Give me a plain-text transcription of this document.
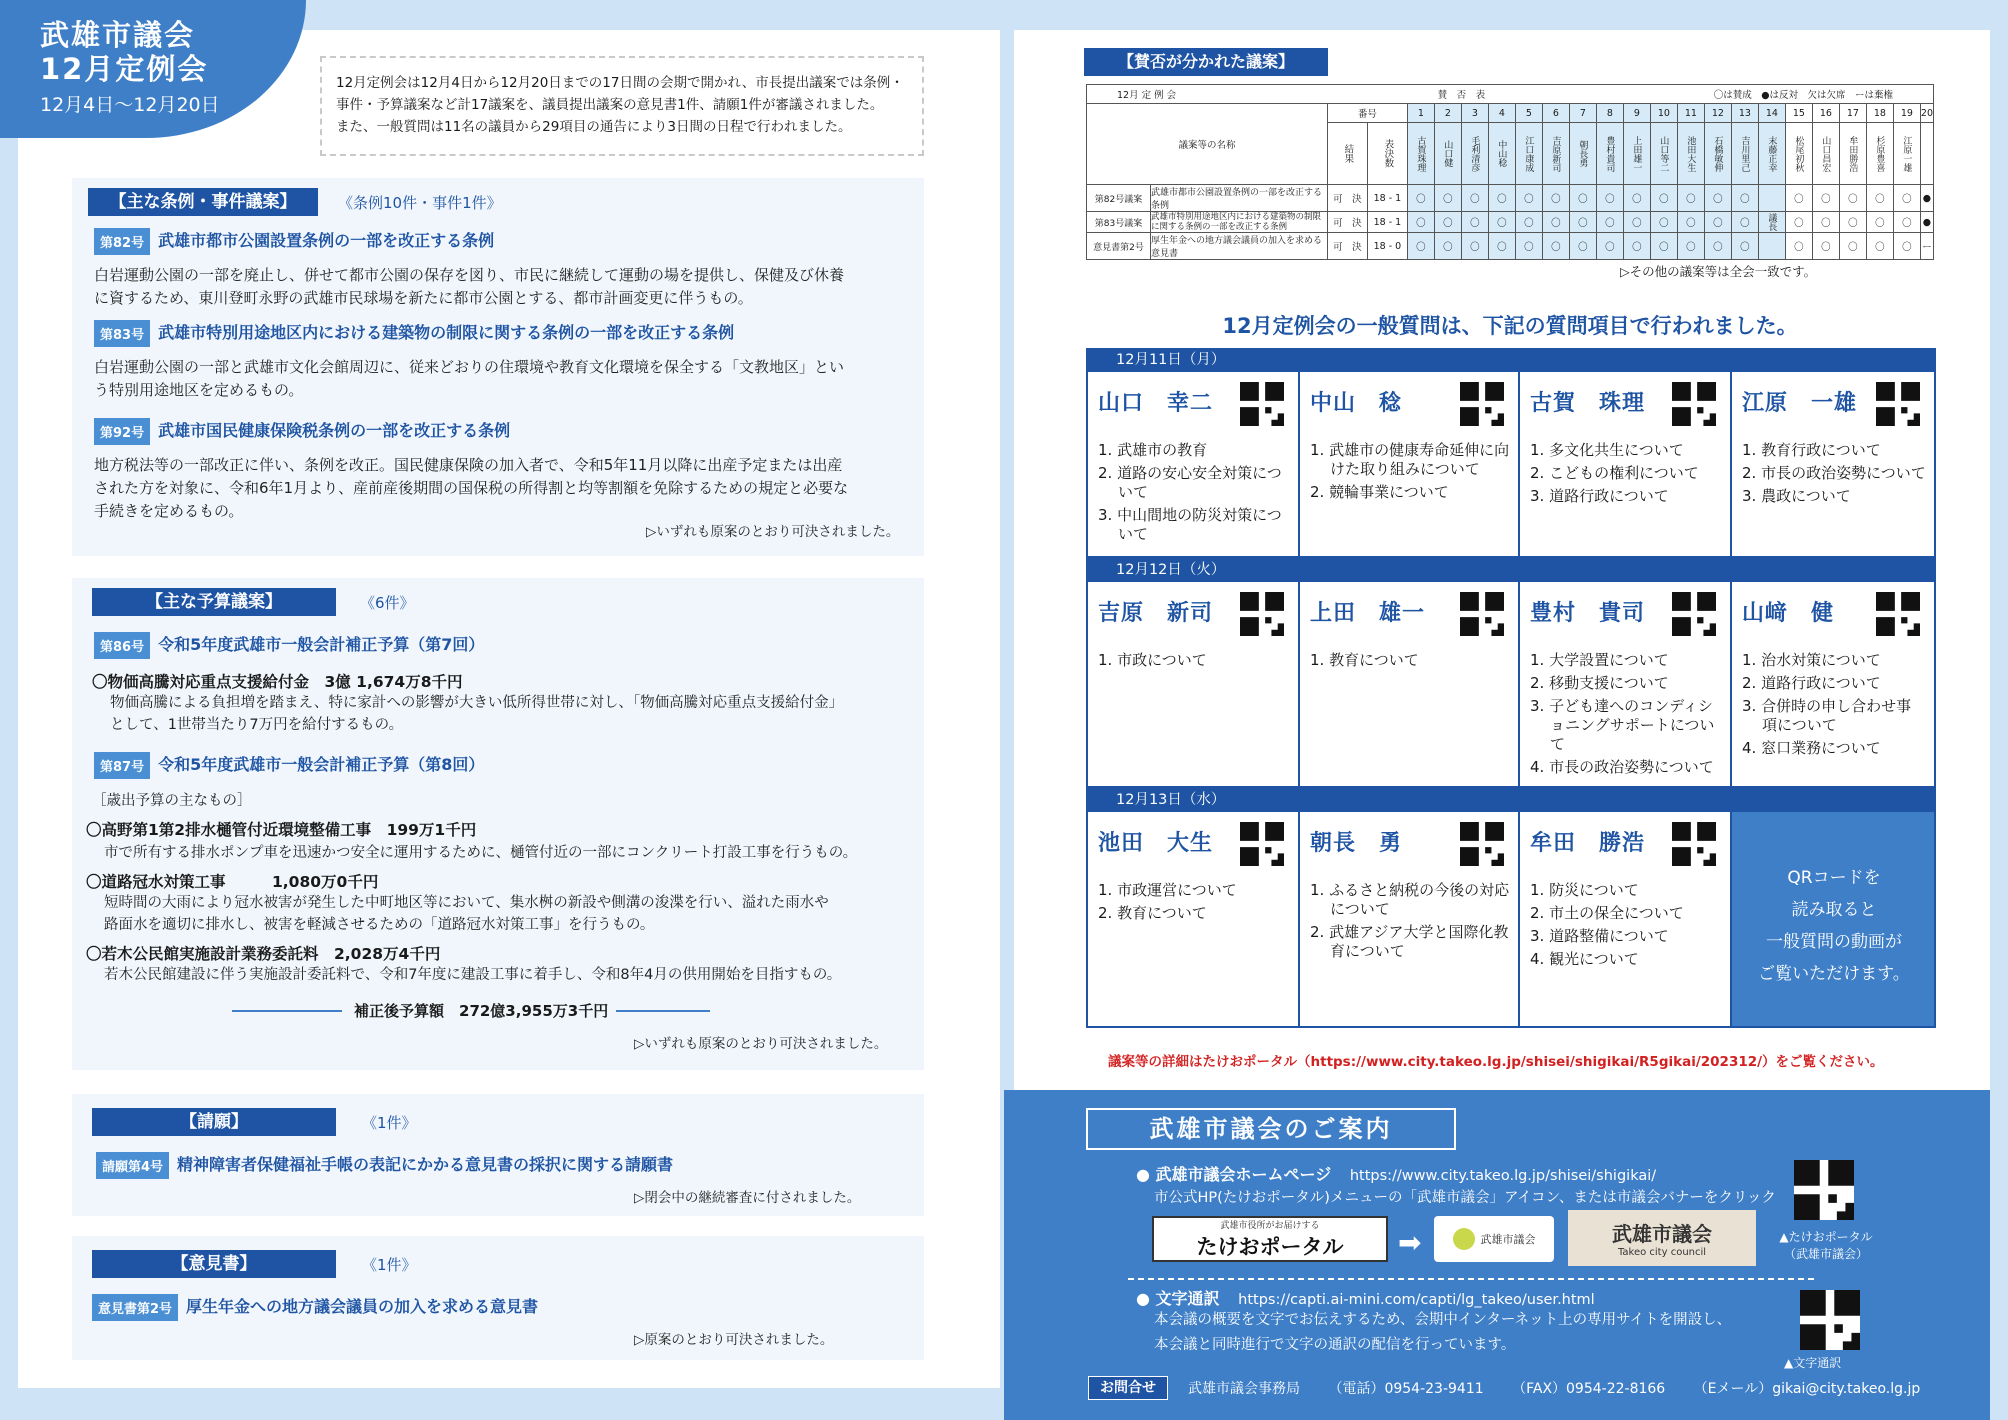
武雄市議会
12月定例会
12月4日〜12月20日
12月定例会は12月4日から12月20日までの17日間の会期で開かれ、市長提出議案では条例・
事件・予算議案など計17議案を、議員提出議案の意見書1件、請願1件が審議されました。
また、一般質問は11名の議員から29項目の通告により3日間の日程で行われました。
【主な条例・事件議案】	《条例10件・事件1件》
第82号 武雄市都市公園設置条例の一部を改正する条例
白岩運動公園の一部を廃止し、併せて都市公園の保存を図り、市民に継続して運動の場を提供し、保健及び休養
に資するため、東川登町永野の武雄市民球場を新たに都市公園とする、都市計画変更に伴うもの。
第83号 武雄市特別用途地区内における建築物の制限に関する条例の一部を改正する条例
白岩運動公園の一部と武雄市文化会館周辺に、従来どおりの住環境や教育文化環境を保全する「文教地区」とい
う特別用途地区を定めるもの。
第92号 武雄市国民健康保険税条例の一部を改正する条例
地方税法等の一部改正に伴い、条例を改正。国民健康保険の加入者で、令和5年11月以降に出産予定または出産
された方を対象に、令和6年1月より、産前産後期間の国保税の所得割と均等割額を免除するための規定と必要な
手続きを定めるもの。
▷いずれも原案のとおり可決されました。
【主な予算議案】	《6件》
第86号 令和5年度武雄市一般会計補正予算（第7回）
〇物価高騰対応重点支援給付金　3億 1,674万8千円
物価高騰による負担増を踏まえ、特に家計への影響が大きい低所得世帯に対し、「物価高騰対応重点支援給付金」
として、1世帯当たり7万円を給付するもの。
第87号 令和5年度武雄市一般会計補正予算（第8回）
［歳出予算の主なもの］
〇高野第1第2排水樋管付近環境整備工事　199万1千円
市で所有する排水ポンプ車を迅速かつ安全に運用するために、樋管付近の一部にコンクリート打設工事を行うもの。
〇道路冠水対策工事　　　1,080万0千円
短時間の大雨により冠水被害が発生した中町地区等において、集水桝の新設や側溝の浚渫を行い、溢れた雨水や
路面水を適切に排水し、被害を軽減させるための「道路冠水対策工事」を行うもの。
〇若木公民館実施設計業務委託料　2,028万4千円
若木公民館建設に伴う実施設計委託料で、令和7年度に建設工事に着手し、令和8年4月の供用開始を目指すもの。
補正後予算額　272億3,955万3千円
▷いずれも原案のとおり可決されました。
【請願】	《1件》
請願第4号 精神障害者保健福祉手帳の表記にかかる意見書の採択に関する請願書
▷閉会中の継続審査に付されました。
【意見書】	《1件》
意見書第2号 厚生年金への地方議会議員の加入を求める意見書
▷原案のとおり可決されました。
【賛否が分かれた議案】
12月 定 例 会				賛　否　表				〇は賛成　●は反対　欠は欠席　ーは棄権															
議案等の名称		番号		1	2	3	4	5	6	7	8	9	10	11	12	13	14	15	16	17	18	19	20
		結果	表決数	古賀珠理	山口健	毛利清彦	中山稔	江口康成	吉原新司	朝長勇	豊村貴司	上田雄一	山口等二	池田大生	石橋敏伸	吉川里己	末藤正幸	松尾初秋	山口昌宏	牟田勝浩	杉原豊喜	江原一雄	
第82号議案	武雄市都市公園設置条例の一部を改正する条例	可　決	18 - 1	〇	〇	〇	〇	〇	〇	〇	〇	〇	〇	〇	〇	〇		〇	〇	〇	〇	〇	●
第83号議案	武雄市特別用途地区内における建築物の制限に関する条例の一部を改正する条例	可　決	18 - 1	〇	〇	〇	〇	〇	〇	〇	〇	〇	〇	〇	〇	〇	議長	〇	〇	〇	〇	〇	●
意見書第2号	厚生年金への地方議会議員の加入を求める意見書	可　決	18 - 0	〇	〇	〇	〇	〇	〇	〇	〇	〇	〇	〇	〇	〇		〇	〇	〇	〇	〇	ー
▷その他の議案等は全会一致です。
12月定例会の一般質問は、下記の質問項目で行われました。
12月11日（月）
山口　幸二
1. 武雄市の教育
2. 道路の安心安全対策について
3. 中山間地の防災対策について
中山　稔
1. 武雄市の健康寿命延伸に向けた取り組みについて
2. 競輪事業について
古賀　珠理
1. 多文化共生について
2. こどもの権利について
3. 道路行政について
江原　一雄
1. 教育行政について
2. 市長の政治姿勢について
3. 農政について
12月12日（火）
吉原　新司
1. 市政について
上田　雄一
1. 教育について
豊村　貴司
1. 大学設置について
2. 移動支援について
3. 子ども達へのコンディショニングサポートについて
4. 市長の政治姿勢について
山﨑　健
1. 治水対策について
2. 道路行政について
3. 合併時の申し合わせ事項について
4. 窓口業務について
12月13日（水）
池田　大生
1. 市政運営について
2. 教育について
朝長　勇
1. ふるさと納税の今後の対応について
2. 武雄アジア大学と国際化教育について
牟田　勝浩
1. 防災について
2. 市土の保全について
3. 道路整備について
4. 観光について
QRコードを
読み取ると
一般質問の動画が
ご覧いただけます。
議案等の詳細はたけおポータル（https://www.city.takeo.lg.jp/shisei/shigikai/R5gikai/202312/）をご覧ください。
武雄市議会のご案内
● 武雄市議会ホームページ https://www.city.takeo.lg.jp/shisei/shigikai/
市公式HP(たけおポータル)メニューの「武雄市議会」アイコン、または市議会バナーをクリック
武雄市役所がお届けする
たけおポータル ➡	武雄市議会	武雄市議会
Takeo city council
▲たけおポータル
（武雄市議会）
● 文字通訳 https://capti.ai-mini.com/capti/lg_takeo/user.html
本会議の概要を文字でお伝えするため、会期中インターネット上の専用サイトを開設し、
本会議と同時進行で文字の通訳の配信を行っています。
▲文字通訳
お問合せ	武雄市議会事務局 （電話）0954-23-9411 （FAX）0954-22-8166 （Eメール）gikai@city.takeo.lg.jp
